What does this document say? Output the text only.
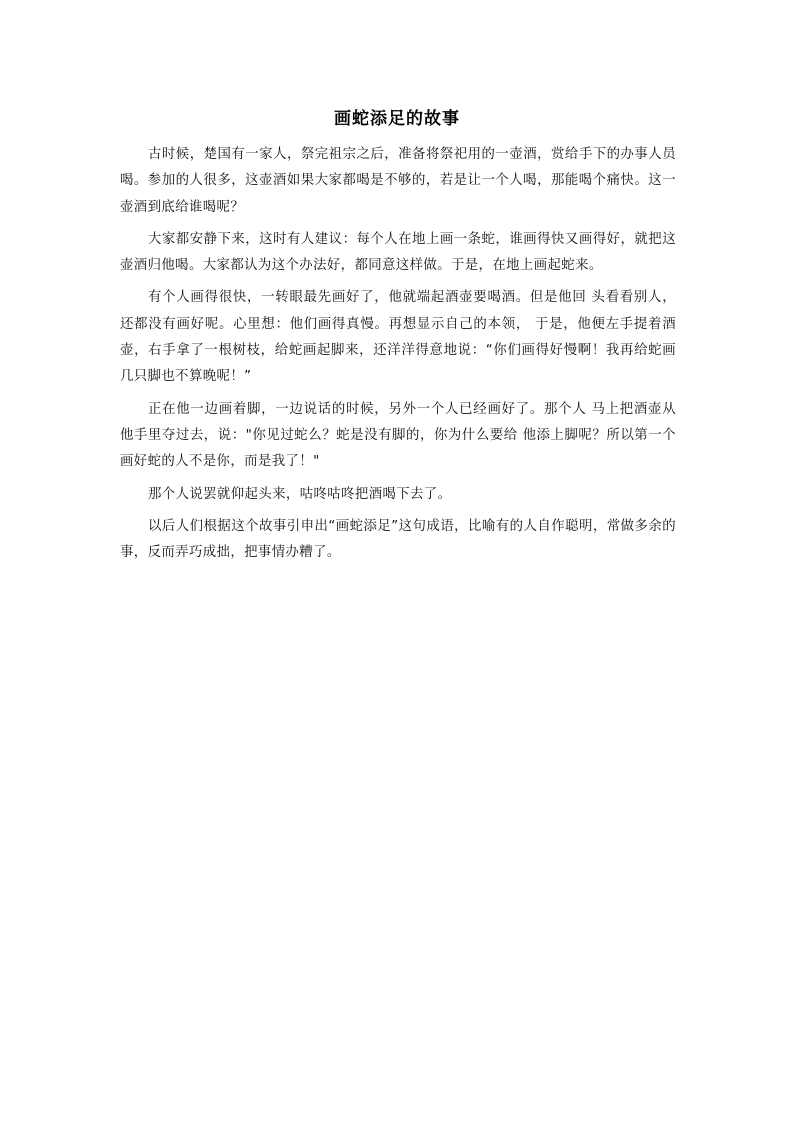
画蛇添足的故事

古时候，楚国有一家人，祭完祖宗之后，准备将祭祀用的一壶酒，赏给手下的办事人员喝。参加的人很多，这壶酒如果大家都喝是不够的，若是让一个人喝，那能喝个痛快。这一壶酒到底给谁喝呢？

大家都安静下来，这时有人建议：每个人在地上画一条蛇，谁画得快又画得好，就把这壶酒归他喝。大家都认为这个办法好，都同意这样做。于是，在地上画起蛇来。

有个人画得很快，一转眼最先画好了，他就端起酒壶要喝酒。但是他回 头看看别人，还都没有画好呢。心里想：他们画得真慢。再想显示自己的本领， 于是，他便左手提着酒壶，右手拿了一根树枝，给蛇画起脚来，还洋洋得意地说：“你们画得好慢啊！我再给蛇画几只脚也不算晚呢！”

正在他一边画着脚，一边说话的时候，另外一个人已经画好了。那个人 马上把酒壶从他手里夺过去，说："你见过蛇么？蛇是没有脚的，你为什么要给 他添上脚呢？所以第一个画好蛇的人不是你，而是我了！"

那个人说罢就仰起头来，咕咚咕咚把酒喝下去了。

以后人们根据这个故事引申出“画蛇添足”这句成语，比喻有的人自作聪明，常做多余的事，反而弄巧成拙，把事情办糟了。
